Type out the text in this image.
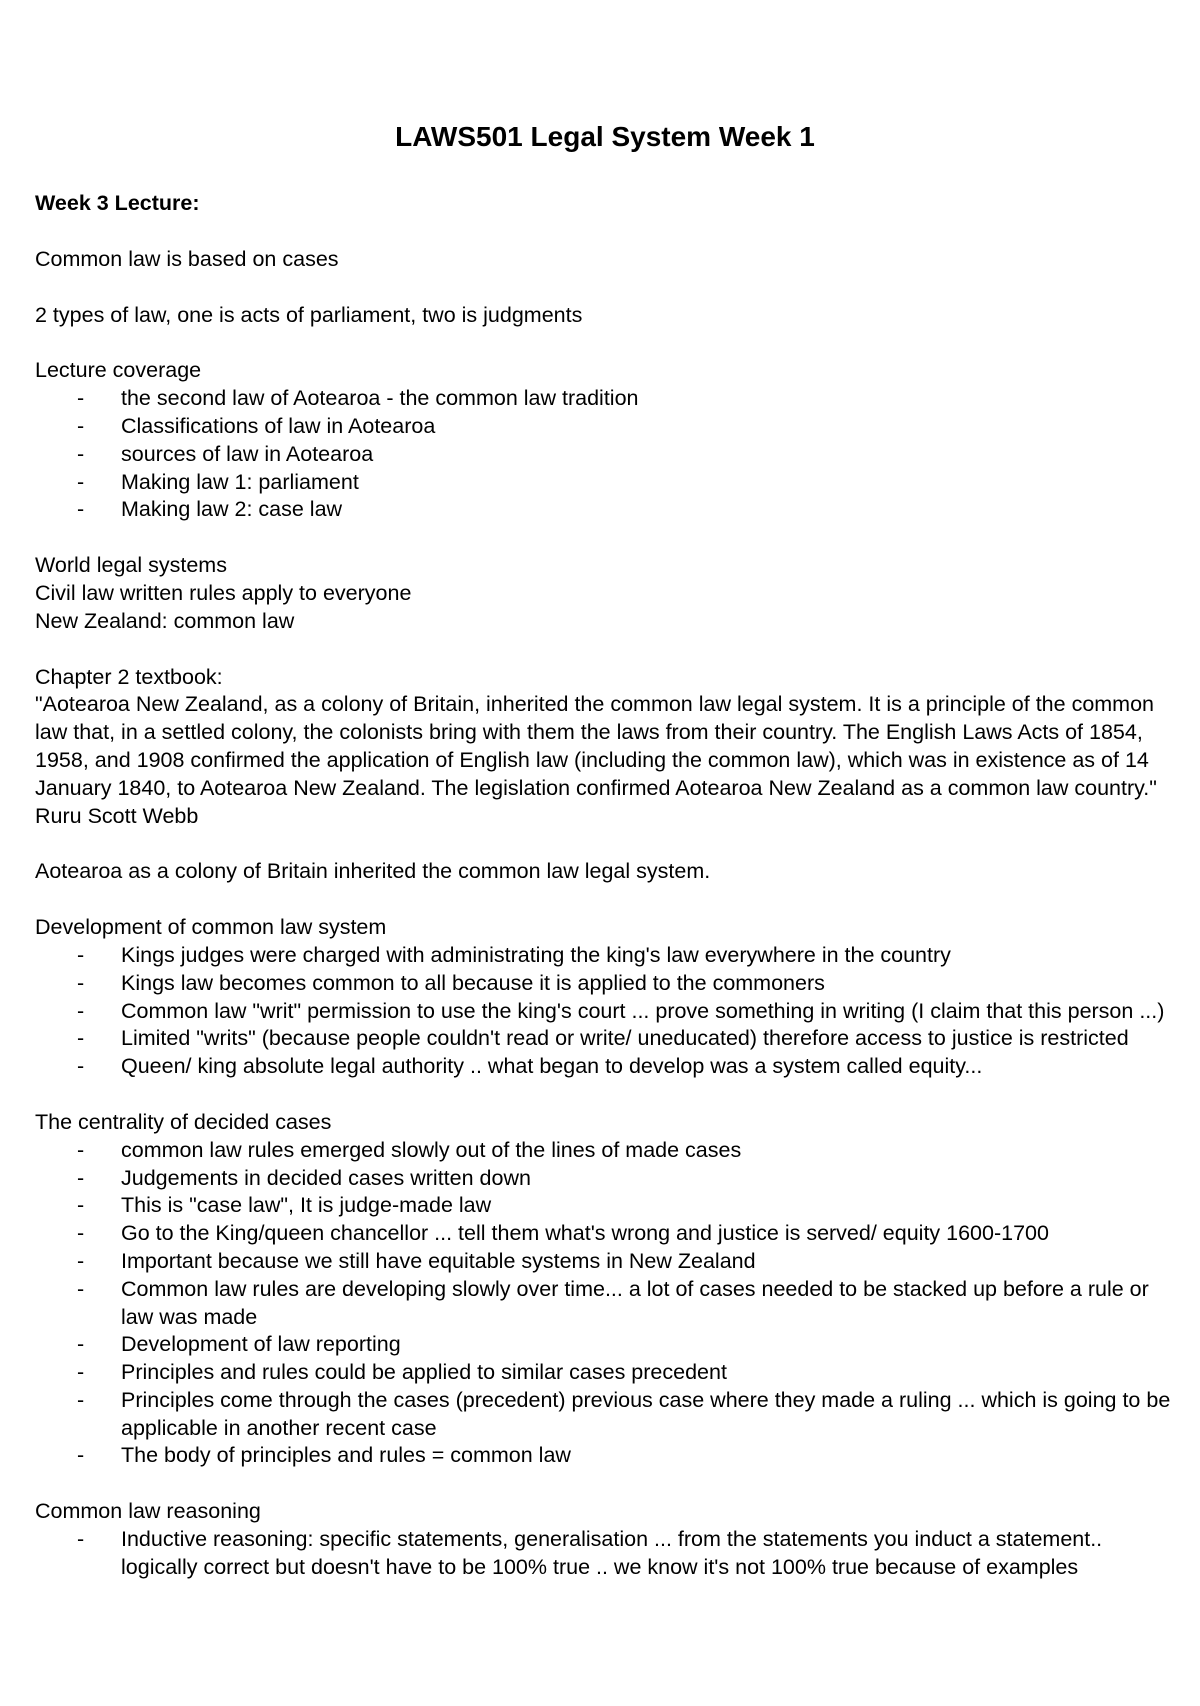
LAWS501 Legal System Week 1

Week 3 Lecture:

Common law is based on cases

2 types of law, one is acts of parliament, two is judgments

Lecture coverage

- the second law of Aotearoa - the common law tradition
- Classifications of law in Aotearoa
- sources of law in Aotearoa
- Making law 1: parliament
- Making law 2: case law

World legal systems

Civil law written rules apply to everyone

New Zealand: common law

Chapter 2 textbook:

"Aotearoa New Zealand, as a colony of Britain, inherited the common law legal system. It is a principle of the common law that, in a settled colony, the colonists bring with them the laws from their country. The English Laws Acts of 1854, 1958, and 1908 confirmed the application of English law (including the common law), which was in existence as of 14 January 1840, to Aotearoa New Zealand. The legislation confirmed Aotearoa New Zealand as a common law country." Ruru Scott Webb

Aotearoa as a colony of Britain inherited the common law legal system.

Development of common law system

- Kings judges were charged with administrating the king's law everywhere in the country
- Kings law becomes common to all because it is applied to the commoners
- Common law "writ" permission to use the king's court ... prove something in writing (I claim that this person ...)
- Limited "writs" (because people couldn't read or write/ uneducated) therefore access to justice is restricted
- Queen/ king absolute legal authority .. what began to develop was a system called equity...

The centrality of decided cases

- common law rules emerged slowly out of the lines of made cases
- Judgements in decided cases written down
- This is "case law", It is judge-made law
- Go to the King/queen chancellor ... tell them what's wrong and justice is served/ equity 1600-1700
- Important because we still have equitable systems in New Zealand
- Common law rules are developing slowly over time... a lot of cases needed to be stacked up before a rule or law was made
- Development of law reporting
- Principles and rules could be applied to similar cases precedent
- Principles come through the cases (precedent) previous case where they made a ruling ... which is going to be applicable in another recent case
- The body of principles and rules = common law

Common law reasoning

- Inductive reasoning: specific statements, generalisation ... from the statements you induct a statement.. logically correct but doesn't have to be 100% true .. we know it's not 100% true because of examples
